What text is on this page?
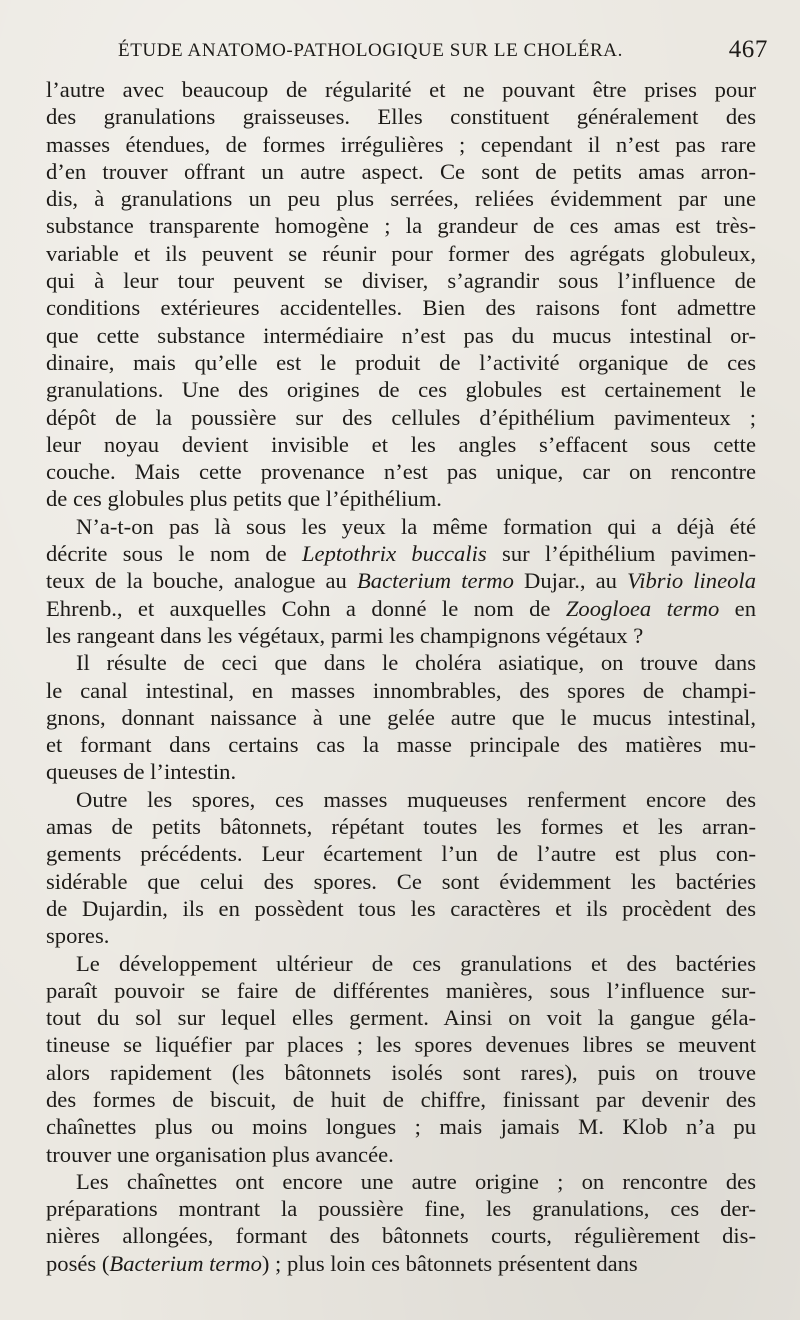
ÉTUDE ANATOMO-PATHOLOGIQUE SUR LE CHOLÉRA.	467

l’autre avec beaucoup de régularité et ne pouvant être prises pour

des granulations graisseuses. Elles constituent généralement des

masses étendues, de formes irrégulières ; cependant il n’est pas rare

d’en trouver offrant un autre aspect. Ce sont de petits amas arron-

dis, à granulations un peu plus serrées, reliées évidemment par une

substance transparente homogène ; la grandeur de ces amas est très-

variable et ils peuvent se réunir pour former des agrégats globuleux,

qui à leur tour peuvent se diviser, s’agrandir sous l’influence de

conditions extérieures accidentelles. Bien des raisons font admettre

que cette substance intermédiaire n’est pas du mucus intestinal or-

dinaire, mais qu’elle est le produit de l’activité organique de ces

granulations. Une des origines de ces globules est certainement le

dépôt de la poussière sur des cellules d’épithélium pavimenteux ;

leur noyau devient invisible et les angles s’effacent sous cette

couche. Mais cette provenance n’est pas unique, car on rencontre

de ces globules plus petits que l’épithélium.

N’a-t-on pas là sous les yeux la même formation qui a déjà été

décrite sous le nom de Leptothrix buccalis sur l’épithélium pavimen-

teux de la bouche, analogue au Bacterium termo Dujar., au Vibrio lineola

Ehrenb., et auxquelles Cohn a donné le nom de Zoogloea termo en

les rangeant dans les végétaux, parmi les champignons végétaux ?

Il résulte de ceci que dans le choléra asiatique, on trouve dans

le canal intestinal, en masses innombrables, des spores de champi-

gnons, donnant naissance à une gelée autre que le mucus intestinal,

et formant dans certains cas la masse principale des matières mu-

queuses de l’intestin.

Outre les spores, ces masses muqueuses renferment encore des

amas de petits bâtonnets, répétant toutes les formes et les arran-

gements précédents. Leur écartement l’un de l’autre est plus con-

sidérable que celui des spores. Ce sont évidemment les bactéries

de Dujardin, ils en possèdent tous les caractères et ils procèdent des

spores.

Le développement ultérieur de ces granulations et des bactéries

paraît pouvoir se faire de différentes manières, sous l’influence sur-

tout du sol sur lequel elles germent. Ainsi on voit la gangue géla-

tineuse se liquéfier par places ; les spores devenues libres se meuvent

alors rapidement (les bâtonnets isolés sont rares), puis on trouve

des formes de biscuit, de huit de chiffre, finissant par devenir des

chaînettes plus ou moins longues ; mais jamais M. Klob n’a pu

trouver une organisation plus avancée.

Les chaînettes ont encore une autre origine ; on rencontre des

préparations montrant la poussière fine, les granulations, ces der-

nières allongées, formant des bâtonnets courts, régulièrement dis-

posés (Bacterium termo) ; plus loin ces bâtonnets présentent dans
